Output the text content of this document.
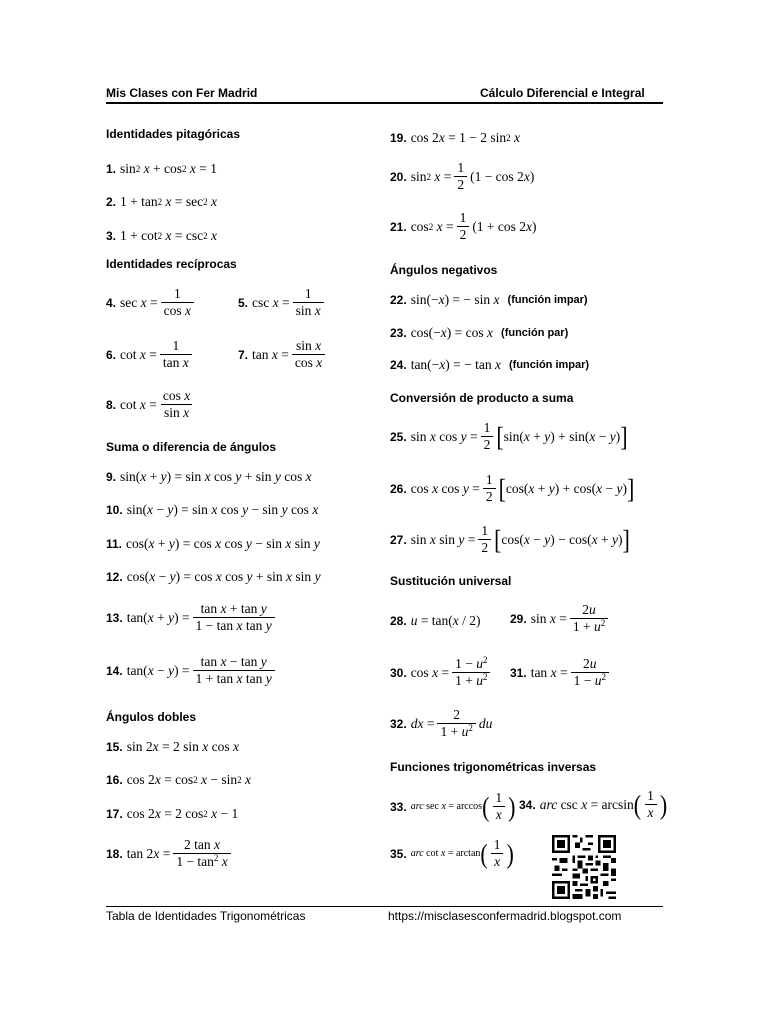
Mis Clases con Fer Madrid	Cálculo Diferencial e Integral
Identidades pitagóricas
1. sin 2
x + cos 2
x = 1
2. 1 + tan 2
x = sec 2
x
3. 1 + cot 2
x = csc 2
x
Identidades recíprocas
4. $\sec x = \frac{1}{\text{cos x}}$	5. $\csc x = \frac{1}{\text{sin x}}$
6. $\cot x = \frac{1}{\text{tan x}}$	7. $\tan x = \frac{\text{sin x}}{\text{cos x}}$
8. $\cot x = \frac{\text{cos x}}{\text{sin x}}$
Suma o diferencia de ángulos
9. sin( x + y ) = sin x cos y + sin y cos x
10. sin( x − y ) = sin x cos y − sin y cos x
11. cos( x + y ) = cos x cos y − sin x sin y
12. cos( x − y ) = cos x cos y + sin x sin y
13. tan( x + y ) = $\frac{\text{tan x + tan y}}{\text{1 − tan x tan y}}$
14. tan( x − y ) = $\frac{\text{tan x − tan y}}{\text{1 + tan x tan y}}$
Ángulos dobles
15. sin 2 x = 2 sin x cos x
16. cos 2 x = cos 2
x − sin 2
x
17. cos 2 x = 2 cos 2
x − 1
18. tan 2 $x = \frac{\text{2 tan x}}{1 - \tan^2 x}$
19. cos 2 x = 1 − 2 sin 2
x
20. sin 2
$x = \frac{1}{2} (1 - \cos 2$ x )
21. cos 2
$x = \frac{1}{2} (1 + \cos 2$ x )
Ángulos negativos
22. sin(− x ) = − sin x (función impar)
23. cos(− x ) = cos x (función par)
24. tan(− x ) = − tan x (función impar)
Conversión de producto a suma
25. sin x $\cos y = \frac{1}{2}$ [ sin( x + y ) + sin( x − y ) ]
26. cos x $\cos y = \frac{1}{2}$ [ cos( x + y ) + cos( x − y ) ]
27. sin x $\sin y = \frac{1}{2}$ [ cos( x − y ) − cos( x + y ) ]
Sustitución universal
28. u = tan( x / 2) 29. $\sin x = \frac{2u}{1 + u^2}$
30. $\cos x = \frac{1 - u^2}{1 + u^2} 31$. $\tan x = \frac{2u}{1 - u^2}$
32. dx = $\frac{2}{1 + u^2}$ du
Funciones trigonométricas inversas
33. arc sec x = arccos ( $\frac{1}{x}$ ) 34. arc csc x = arcsin ( $\frac{1}{x}$ )
35. arc cot x = arctan ( $\frac{1}{x}$ )
Tabla de Identidades Trigonométricas	https://misclasesconfermadrid.blogspot.com
